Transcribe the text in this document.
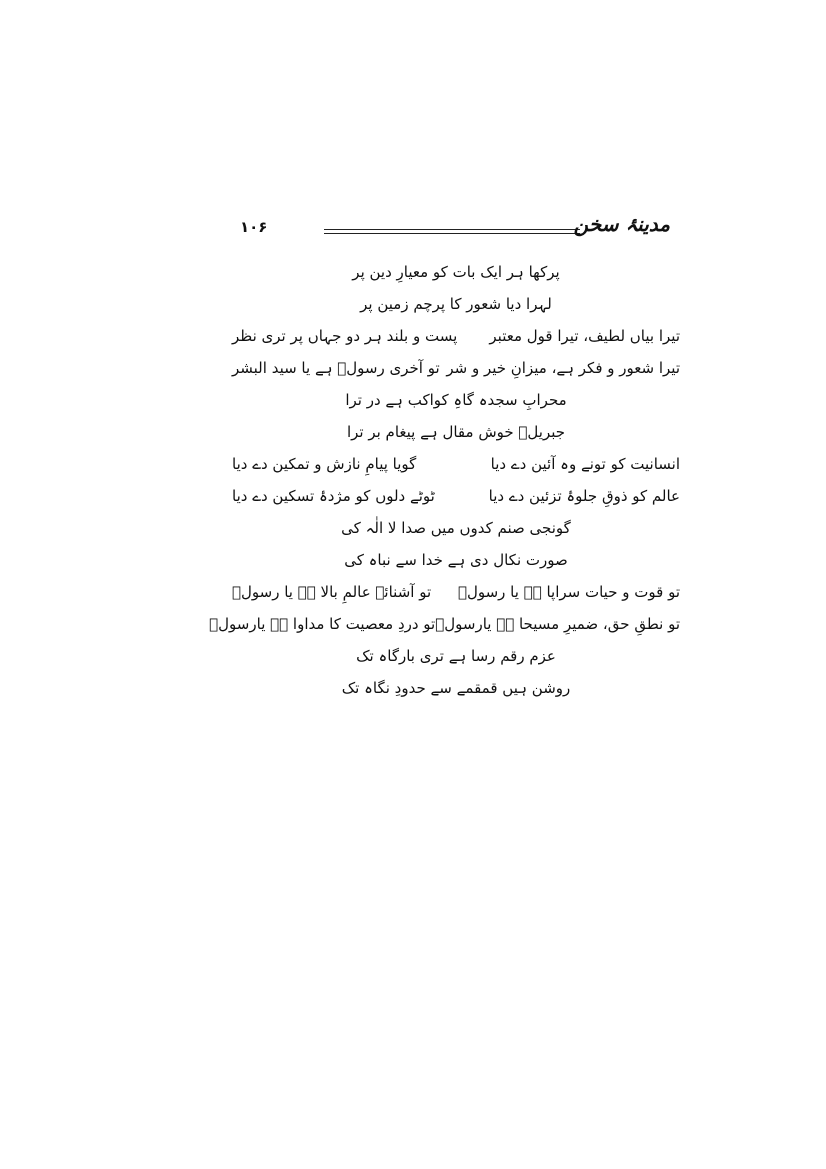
۱۰۶	مدینۂ سخن
پرکھا ہر ایک بات کو معیارِ دین پر
لہرا دیا شعور کا پرچم زمین پر
تیرا بیاں لطیف، تیرا قول معتبر
پست و بلند ہر دو جہاں پر تری نظر
تیرا شعور و فکر ہے، میزانِ خیر و شر
تو آخری رسولؐ ہے یا سید البشر
محرابِ سجدہ گاہِ کواکب ہے در ترا
جبریلؑ خوش مقال ہے پیغام بر ترا
انسانیت کو تونے وہ آئین دے دیا
گویا پیامِ نازش و تمکین دے دیا
عالم کو ذوقِ جلوۂ تزئین دے دیا
ٹوٹے دلوں کو مژدۂ تسکین دے دیا
گونجی صنم کدوں میں صدا لا الٰہ کی
صورت نکال دی ہے خدا سے نباہ کی
تو قوت و حیات سراپا ہے یا رسولؐ
تو آشنائے عالمِ بالا ہے یا رسولؐ
تو نطقِ حق، ضمیرِ مسیحا ہے یارسولؐ
تو دردِ معصیت کا مداوا ہے یارسولؐ
عزم رقم رسا ہے تری بارگاہ تک
روشن ہیں قمقمے سے حدودِ نگاہ تک
